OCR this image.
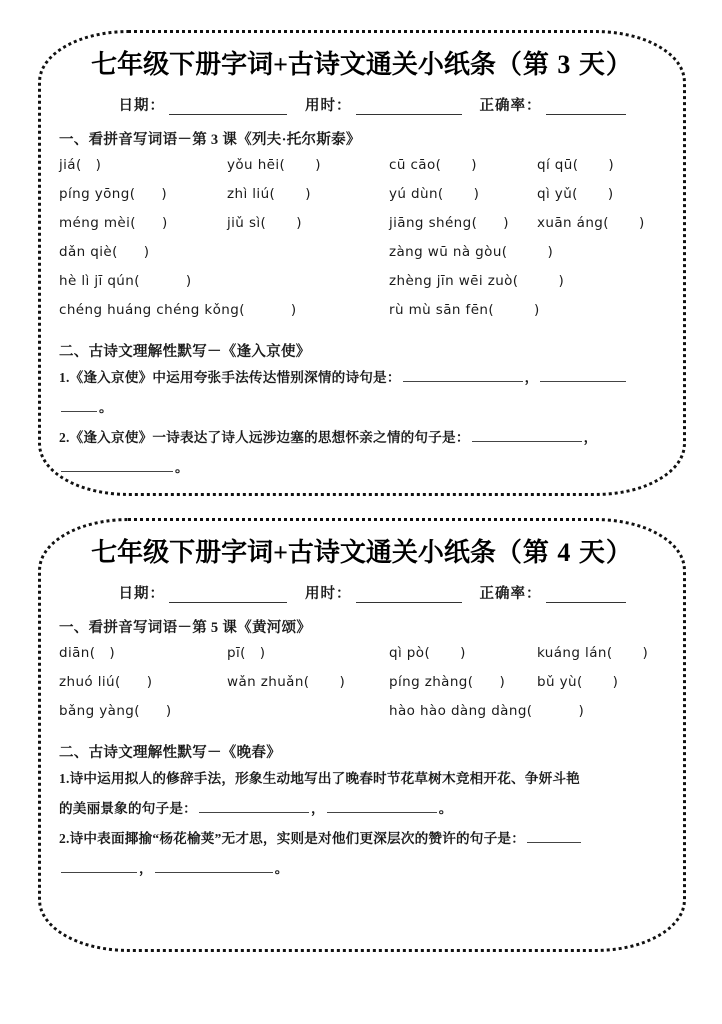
七年级下册字词+古诗文通关小纸条（第 3 天）
日期：	用时：	正确率：
一、看拼音写词语－第 3 课《列夫·托尔斯泰》
jiá( )	yǒu hēi( )	cū cāo( )	qí qū( )
píng yōng( )	zhì liú( )	yú dùn( )	qì yǔ( )
méng mèi( )	jiǔ sì( )	jiāng shéng( ) xuān áng( )
dǎn qiè( )	zàng wū nà gòu(	)
hè lì jī qún(	)	zhèng jīn wēi zuò(	)
chéng huáng chéng kǒng(	)	rù mù sān fēn(	)
二、古诗文理解性默写－《逢入京使》
1.《逢入京使》中运用夸张手法传达惜别深情的诗句是：	，
。
2.《逢入京使》一诗表达了诗人远涉边塞的思想怀亲之情的句子是：	，
。
七年级下册字词+古诗文通关小纸条（第 4 天）
日期：	用时：	正确率：
一、看拼音写词语－第 5 课《黄河颂》
diān( )	pī( )	qì pò( )	kuáng lán( )
zhuó liú( )	wǎn zhuǎn( )	píng zhàng( ) bǔ yù( )
bǎng yàng( )	hào hào dàng dàng(	)
二、古诗文理解性默写－《晚春》
1.诗中运用拟人的修辞手法，形象生动地写出了晚春时节花草树木竞相开花、争妍斗艳
的美丽景象的句子是：	，	。
2.诗中表面揶揄“杨花榆荚”无才思，实则是对他们更深层次的赞许的句子是：
，	。
